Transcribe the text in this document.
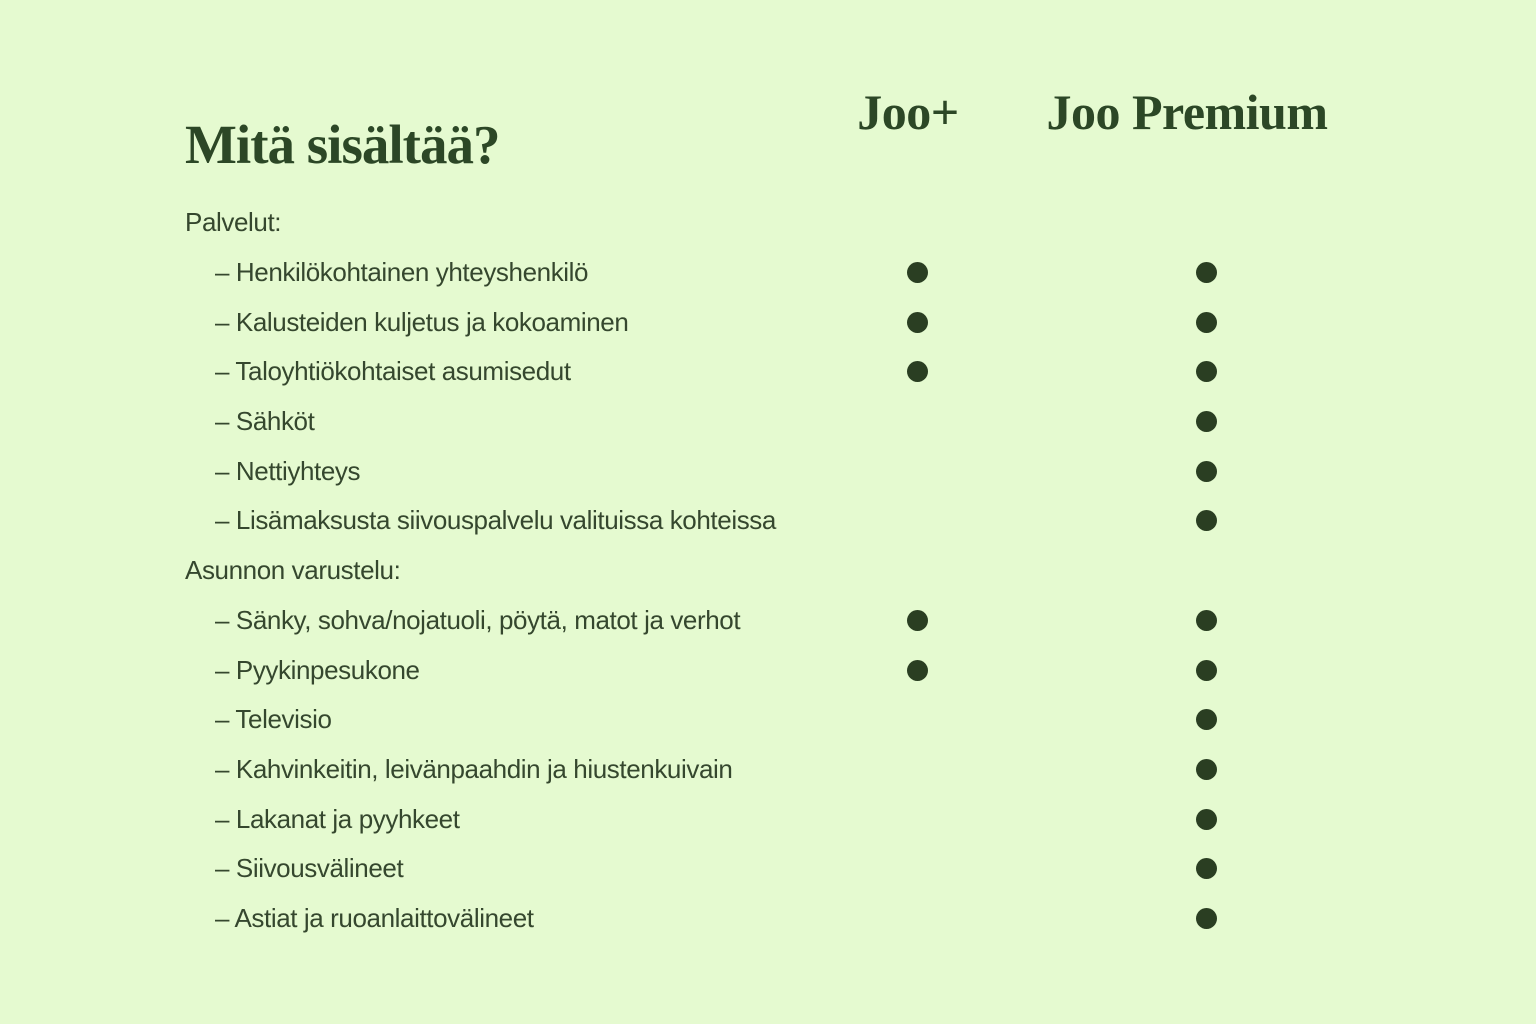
Mitä sisältää?
Joo+ Joo Premium
Palvelut:
– Henkilökohtainen yhteyshenkilö
– Kalusteiden kuljetus ja kokoaminen
– Taloyhtiökohtaiset asumisedut
– Sähköt
– Nettiyhteys
– Lisämaksusta siivouspalvelu valituissa kohteissa
Asunnon varustelu:
– Sänky, sohva/nojatuoli, pöytä, matot ja verhot
– Pyykinpesukone
– Televisio
– Kahvinkeitin, leivänpaahdin ja hiustenkuivain
– Lakanat ja pyyhkeet
– Siivousvälineet
– Astiat ja ruoanlaittovälineet
